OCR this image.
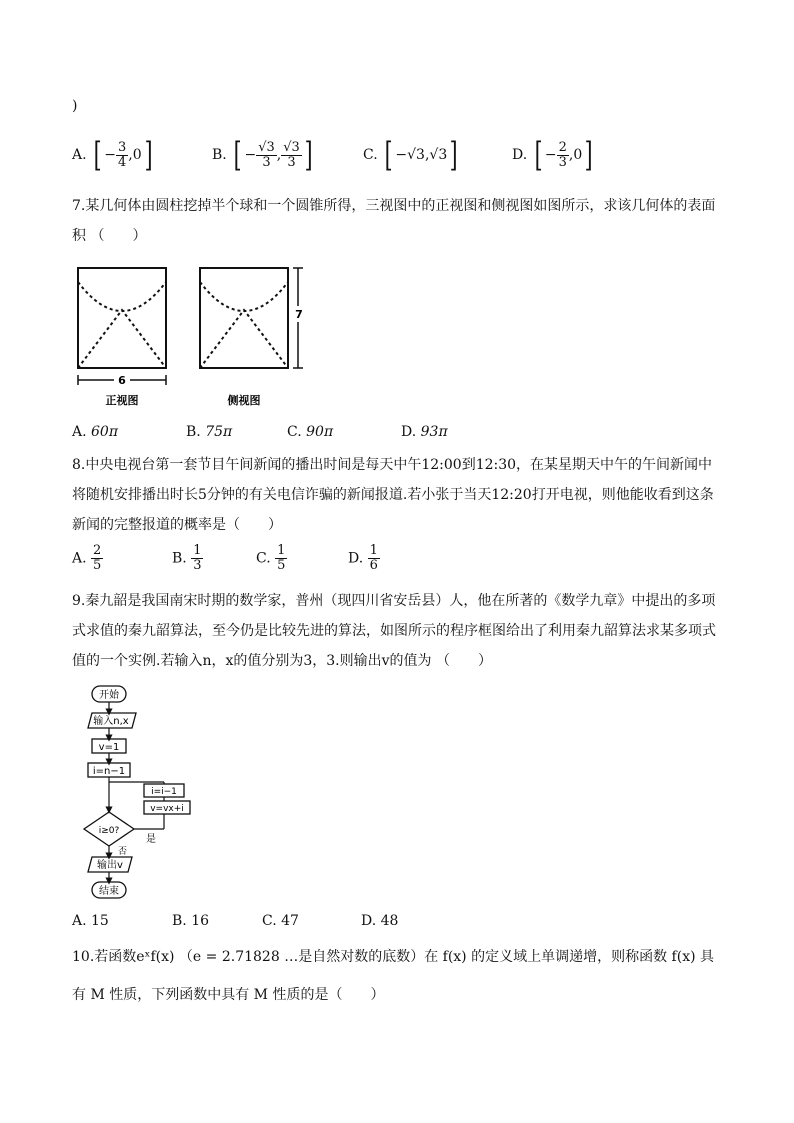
)
A. [ − $\frac{3}{4} ,0$]	B. [ − $\frac{√3}{3}$ , $\frac{√3}{3}$ ]	C. [ −√3,√3]	D. [ − $\frac{2}{3} ,0$]
7.某几何体由圆柱挖掉半个球和一个圆锥所得，三视图中的正视图和侧视图如图所示，求该几何体的表面
积 （　　）
6
正视图
7
侧视图
A. 60π	B. 75π	C. 90π	D. 93π
8.中央电视台第一套节目午间新闻的播出时间是每天中午12:00到12:30，在某星期天中午的午间新闻中
将随机安排播出时长5分钟的有关电信诈骗的新闻报道.若小张于当天12:20打开电视，则他能收看到这条
新闻的完整报道的概率是（　　）
A. $\frac{2}{5}$	B. $\frac{1}{3}$	C. $\frac{1}{5}$	D. $\frac{1}{6}$
9.秦九韶是我国南宋时期的数学家，普州（现四川省安岳县）人，他在所著的《数学九章》中提出的多项
式求值的秦九韶算法，至今仍是比较先进的算法，如图所示的程序框图给出了利用秦九韶算法求某多项式
值的一个实例.若输入n，x的值分别为3，3.则输出v的值为 （　　）
开始
输入n,x
v=1
i=n−1
i=i−1
v=vx+i
i≥0?
是
否
输出v
结束
A. 15	B. 16	C. 47	D. 48
10.若函数eˣf(x) （e = 2.71828 …是自然对数的底数）在 f(x) 的定义域上单调递增，则称函数 f(x) 具
有 M 性质，下列函数中具有 M 性质的是（　　）
